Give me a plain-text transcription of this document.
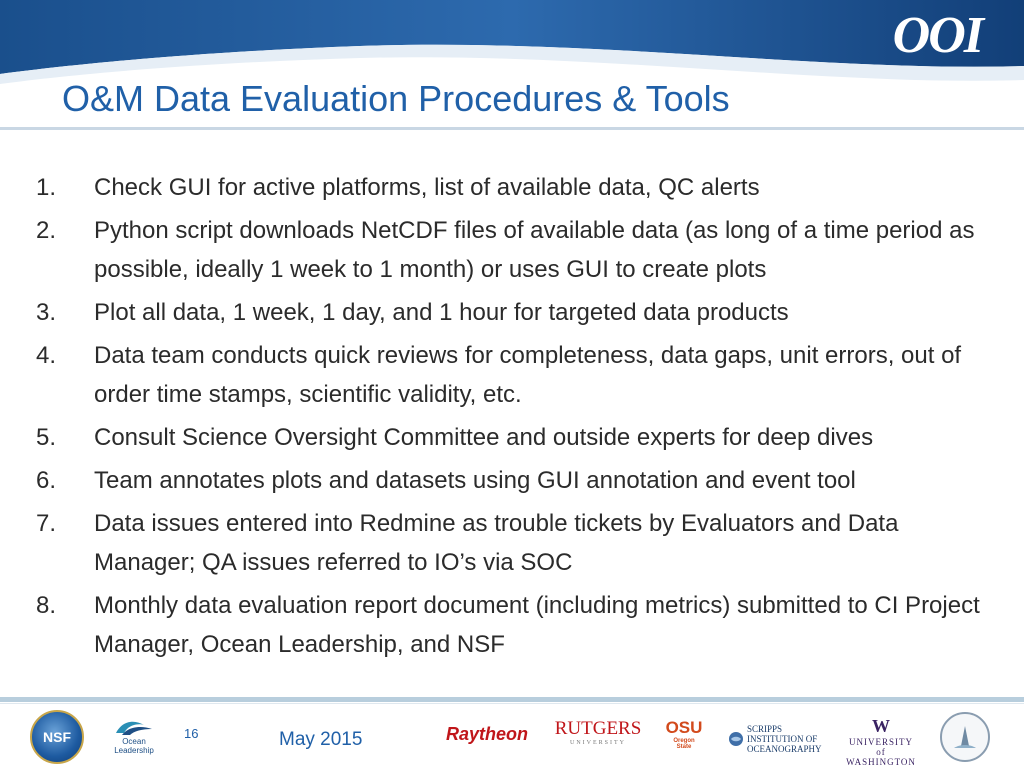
OOI
O&M Data Evaluation Procedures & Tools
1.	Check GUI for active platforms, list of available data, QC alerts
2.	Python script downloads NetCDF files of available data (as long of a time period as possible, ideally 1 week to 1 month) or uses GUI to create plots
3.	Plot all data, 1 week, 1 day, and 1 hour for targeted data products
4.	Data team conducts quick reviews for completeness, data gaps, unit errors, out of order time stamps, scientific validity, etc.
5.	Consult Science Oversight Committee and outside experts for deep dives
6.	Team annotates plots and datasets using GUI annotation and event tool
7.	Data issues entered into Redmine as trouble tickets by Evaluators and Data Manager; QA issues referred to IO’s via SOC
8.	Monthly data evaluation report document (including metrics) submitted to CI Project Manager, Ocean Leadership, and NSF
NSF	Ocean Leadership
16	May 2015	Raytheon RUTGERS
UNIVERSITY
OSU
Oregon State
SCRIPPS INSTITUTION OF OCEANOGRAPHY
W
UNIVERSITY of
WASHINGTON
